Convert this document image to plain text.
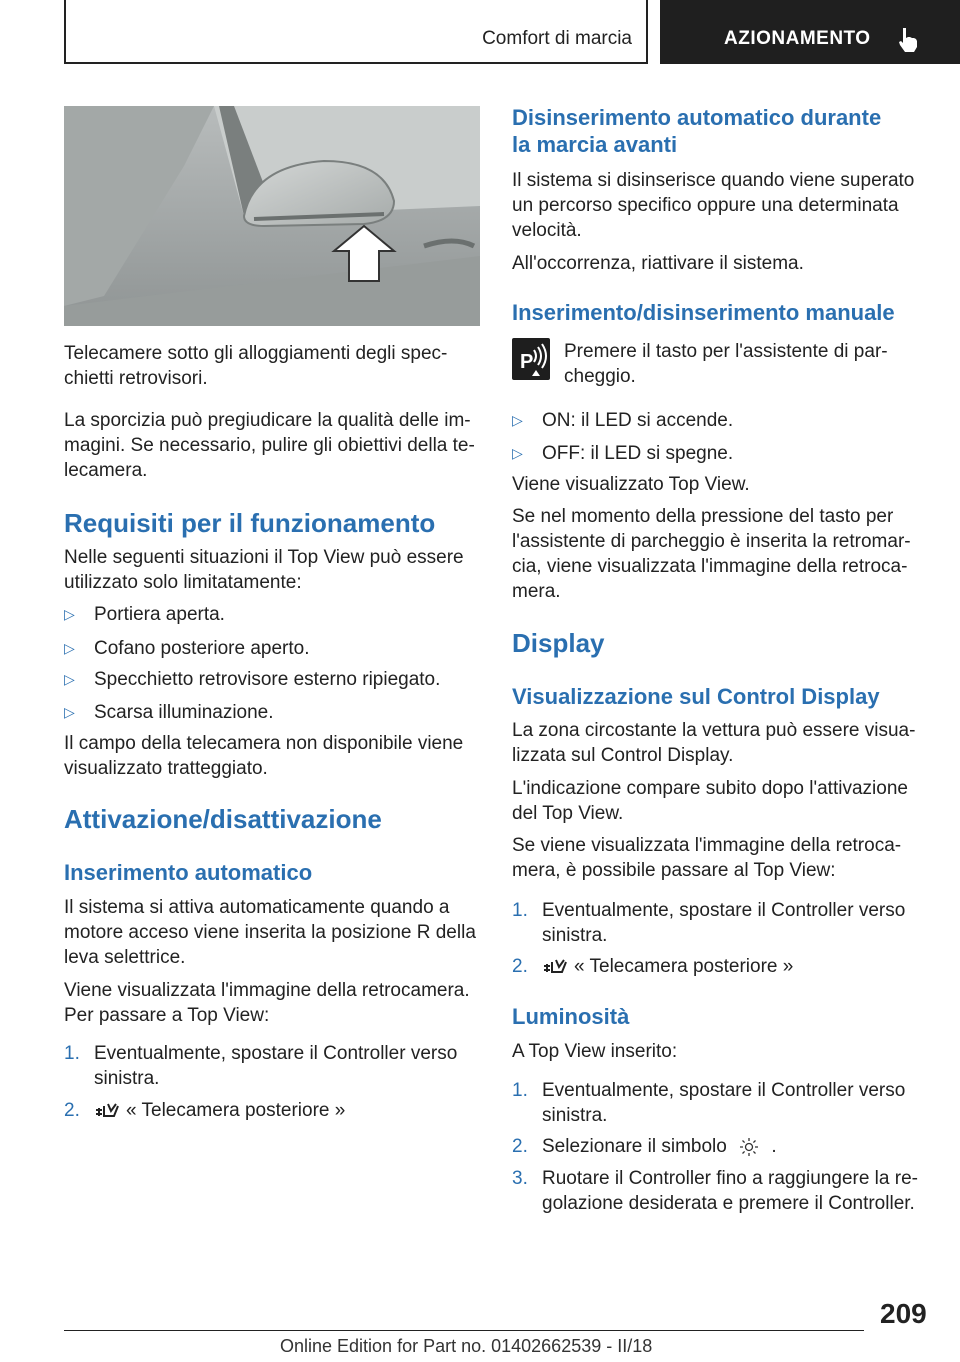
Comfort di marcia	AZIONAMENTO

Telecamere sotto gli alloggiamenti degli spec-

chietti retrovisori.

La sporcizia può pregiudicare la qualità delle im-

magini. Se necessario, pulire gli obiettivi della te-

lecamera.

Requisiti per il funzionamento

Nelle seguenti situazioni il Top View può essere

utilizzato solo limitatamente:

▷ Portiera aperta.
▷ Cofano posteriore aperto.
▷ Specchietto retrovisore esterno ripiegato.
▷ Scarsa illuminazione.

Il campo della telecamera non disponibile viene

visualizzato tratteggiato.

Attivazione/disattivazione
Inserimento automatico

Il sistema si attiva automaticamente quando a

motore acceso viene inserita la posizione R della

leva selettrice.

Viene visualizzata l'immagine della retrocamera.

Per passare a Top View:

1. Eventualmente, spostare il Controller verso
sinistra.
2.	« Telecamera posteriore »
Disinserimento automatico durante
la marcia avanti

Il sistema si disinserisce quando viene superato

un percorso specifico oppure una determinata

velocità.

All'occorrenza, riattivare il sistema.

Inserimento/disinserimento manuale
P Premere il tasto per l'assistente di par-

cheggio.

▷ ON: il LED si accende.
▷ OFF: il LED si spegne.

Viene visualizzato Top View.

Se nel momento della pressione del tasto per

l'assistente di parcheggio è inserita la retromar-

cia, viene visualizzata l'immagine della retroca-

mera.

Display
Visualizzazione sul Control Display

La zona circostante la vettura può essere visua-

lizzata sul Control Display.

L'indicazione compare subito dopo l'attivazione

del Top View.

Se viene visualizzata l'immagine della retroca-

mera, è possibile passare al Top View:

1. Eventualmente, spostare il Controller verso
sinistra.
2.	« Telecamera posteriore »
Luminosità

A Top View inserito:

1. Eventualmente, spostare il Controller verso
sinistra.
2. Selezionare il simbolo .
3. Ruotare il Controller fino a raggiungere la re-
golazione desiderata e premere il Controller.
209
Online Edition for Part no. 01402662539 - II/18
